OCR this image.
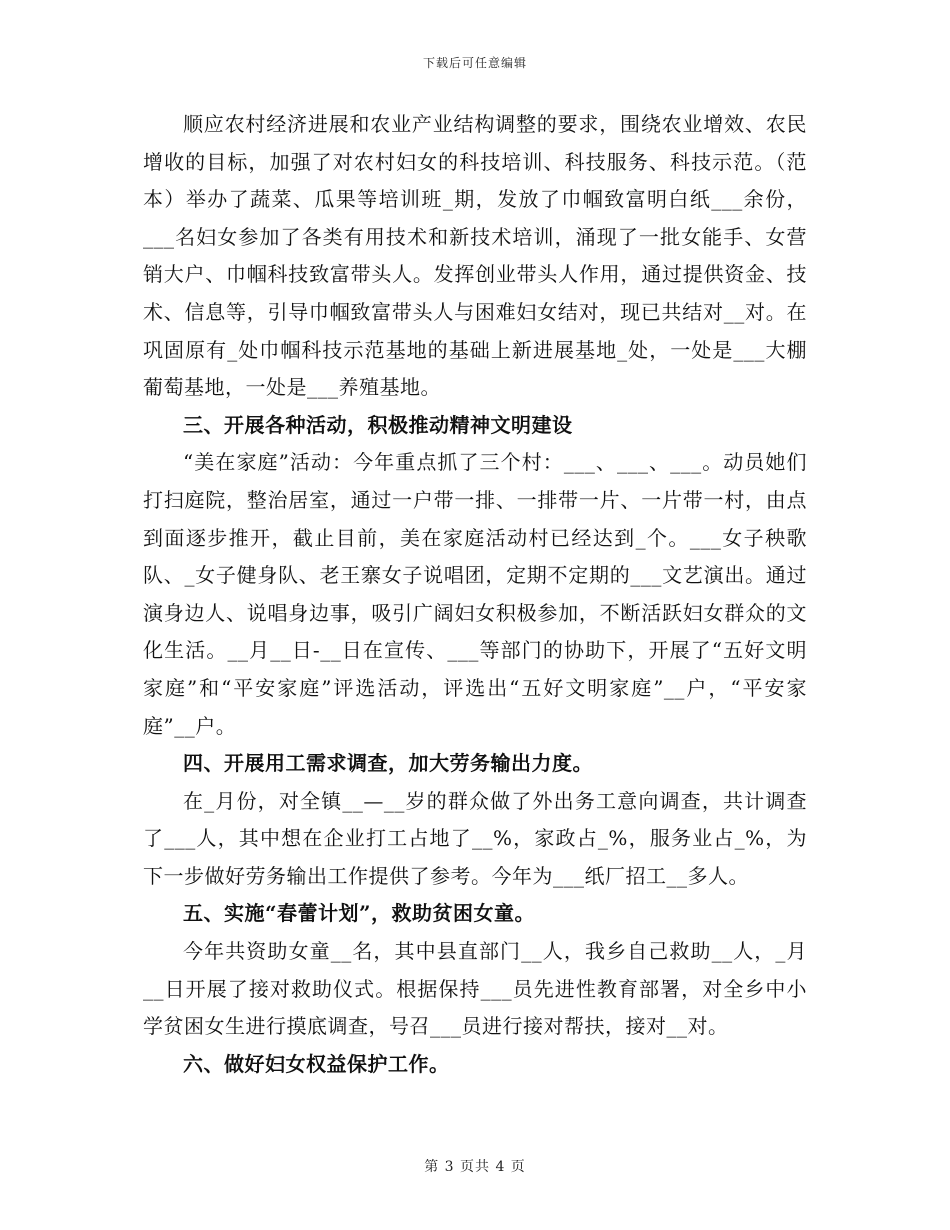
下载后可任意编辑

顺应农村经济进展和农业产业结构调整的要求，围绕农业增效、农民增收的目标，加强了对农村妇女的科技培训、科技服务、科技示范。（范本）举办了蔬菜、瓜果等培训班_期，发放了巾帼致富明白纸___余份，___名妇女参加了各类有用技术和新技术培训，涌现了一批女能手、女营销大户、巾帼科技致富带头人。发挥创业带头人作用，通过提供资金、技术、信息等，引导巾帼致富带头人与困难妇女结对，现已共结对__对。在巩固原有_处巾帼科技示范基地的基础上新进展基地_处，一处是___大棚葡萄基地，一处是___养殖基地。

三、开展各种活动，积极推动精神文明建设

“美在家庭”活动：今年重点抓了三个村：___、___、___。动员她们打扫庭院，整治居室，通过一户带一排、一排带一片、一片带一村，由点到面逐步推开，截止目前，美在家庭活动村已经达到_个。___女子秧歌队、_女子健身队、老王寨女子说唱团，定期不定期的___文艺演出。通过演身边人、说唱身边事，吸引广阔妇女积极参加，不断活跃妇女群众的文化生活。__月__日-__日在宣传、___等部门的协助下，开展了“五好文明家庭”和“平安家庭”评选活动，评选出“五好文明家庭”__户，“平安家庭”__户。

四、开展用工需求调查，加大劳务输出力度。

在_月份，对全镇__—__岁的群众做了外出务工意向调查，共计调查了___人，其中想在企业打工占地了__%，家政占_%，服务业占_%，为下一步做好劳务输出工作提供了参考。今年为___纸厂招工__多人。

五、实施“春蕾计划”，救助贫困女童。

今年共资助女童__名，其中县直部门__人，我乡自己救助__人，_月__日开展了接对救助仪式。根据保持___员先进性教育部署，对全乡中小学贫困女生进行摸底调查，号召___员进行接对帮扶，接对__对。

六、做好妇女权益保护工作。

第 3 页共 4 页
